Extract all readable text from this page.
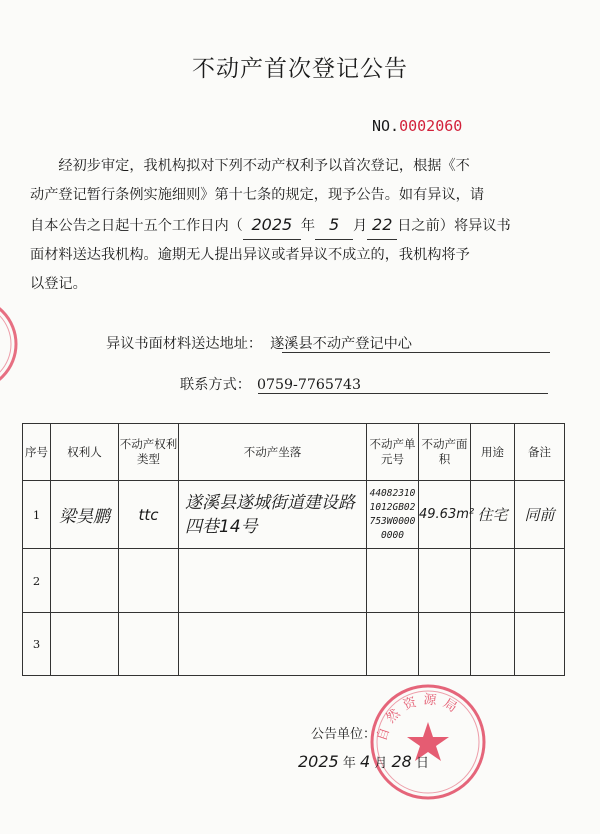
不动产首次登记公告
NO.0002060
经初步审定，我机构拟对下列不动产权利予以首次登记，根据《不
动产登记暂行条例实施细则》第十七条的规定，现予公告。如有异议，请
自本公告之日起十五个工作日内（ 2025 年 5 月 22 日之前）将异议书
面材料送达我机构。逾期无人提出异议或者异议不成立的，我机构将予
以登记。
异议书面材料送达地址： 遂溪县不动产登记中心
联系方式： 0759-7765743
序号	权利人	不动产权利类型	不动产坐落	不动产单元号	不动产面积	用途	备注
1	梁昊鹏	ttc	遂溪县遂城街道建设路四巷14号	440823101012GB02753W00000000	49.63m²	住宅	同前
2							
3							
自然资源局
公告单位：
2025 年 4 月 28 日
